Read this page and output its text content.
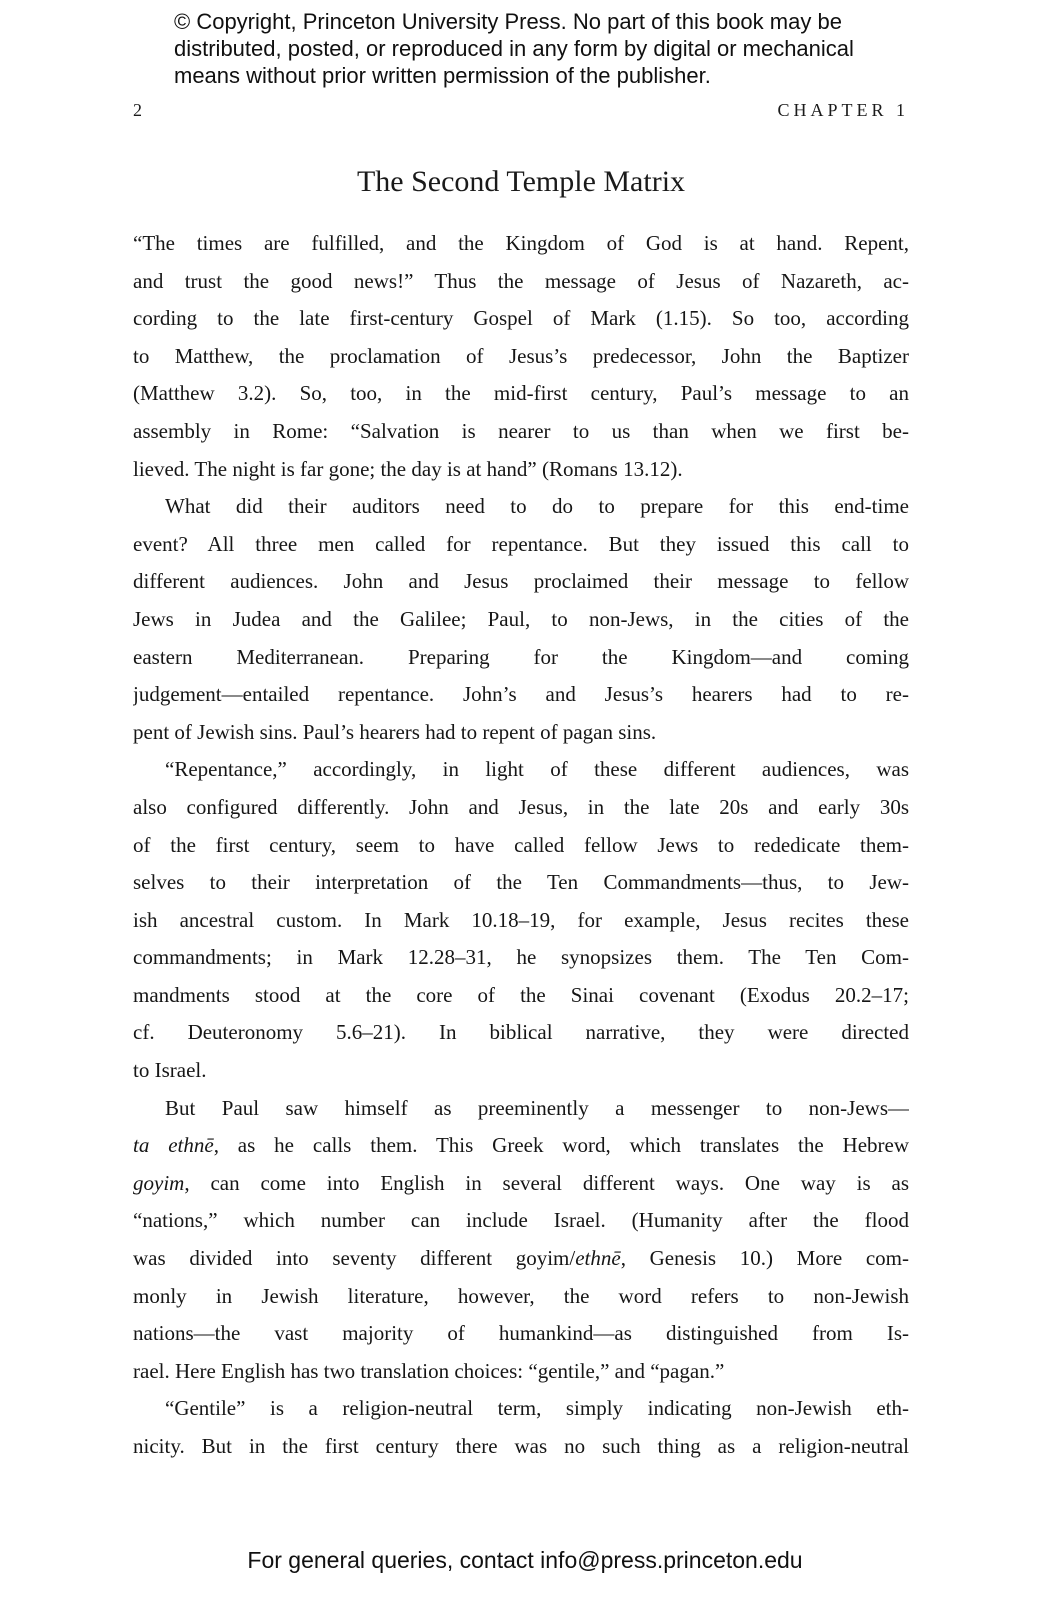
© Copyright, Princeton University Press. No part of this book may be
distributed, posted, or reproduced in any form by digital or mechanical
means without prior written permission of the publisher.
2	CHAPTER 1
The Second Temple Matrix
“The times are fulfilled, and the Kingdom of God is at hand. Repent,
and trust the good news!” Thus the message of Jesus of Nazareth, ac-
cording to the late first-century Gospel of Mark (1.15). So too, according
to Matthew, the proclamation of Jesus’s predecessor, John the Baptizer
(Matthew 3.2). So, too, in the mid-first century, Paul’s message to an
assembly in Rome: “Salvation is nearer to us than when we first be-
lieved. The night is far gone; the day is at hand” (Romans 13.12).
What did their auditors need to do to prepare for this end-time
event? All three men called for repentance. But they issued this call to
different audiences. John and Jesus proclaimed their message to fellow
Jews in Judea and the Galilee; Paul, to non-Jews, in the cities of the
eastern Mediterranean. Preparing for the Kingdom—and coming
judgement—entailed repentance. John’s and Jesus’s hearers had to re-
pent of Jewish sins. Paul’s hearers had to repent of pagan sins.
“Repentance,” accordingly, in light of these different audiences, was
also configured differently. John and Jesus, in the late 20s and early 30s
of the first century, seem to have called fellow Jews to rededicate them-
selves to their interpretation of the Ten Commandments—thus, to Jew-
ish ancestral custom. In Mark 10.18–19, for example, Jesus recites these
commandments; in Mark 12.28–31, he synopsizes them. The Ten Com-
mandments stood at the core of the Sinai covenant (Exodus 20.2–17;
cf. Deuteronomy 5.6–21). In biblical narrative, they were directed
to Israel.
But Paul saw himself as preeminently a messenger to non-Jews—
ta ethnē, as he calls them. This Greek word, which translates the Hebrew
goyim, can come into English in several different ways. One way is as
“nations,” which number can include Israel. (Humanity after the flood
was divided into seventy different goyim/ethnē, Genesis 10.) More com-
monly in Jewish literature, however, the word refers to non-Jewish
nations—the vast majority of humankind—as distinguished from Is-
rael. Here English has two translation choices: “gentile,” and “pagan.”
“Gentile” is a religion-neutral term, simply indicating non-Jewish eth-
nicity. But in the first century there was no such thing as a religion-neutral
For general queries, contact info@press.princeton.edu
